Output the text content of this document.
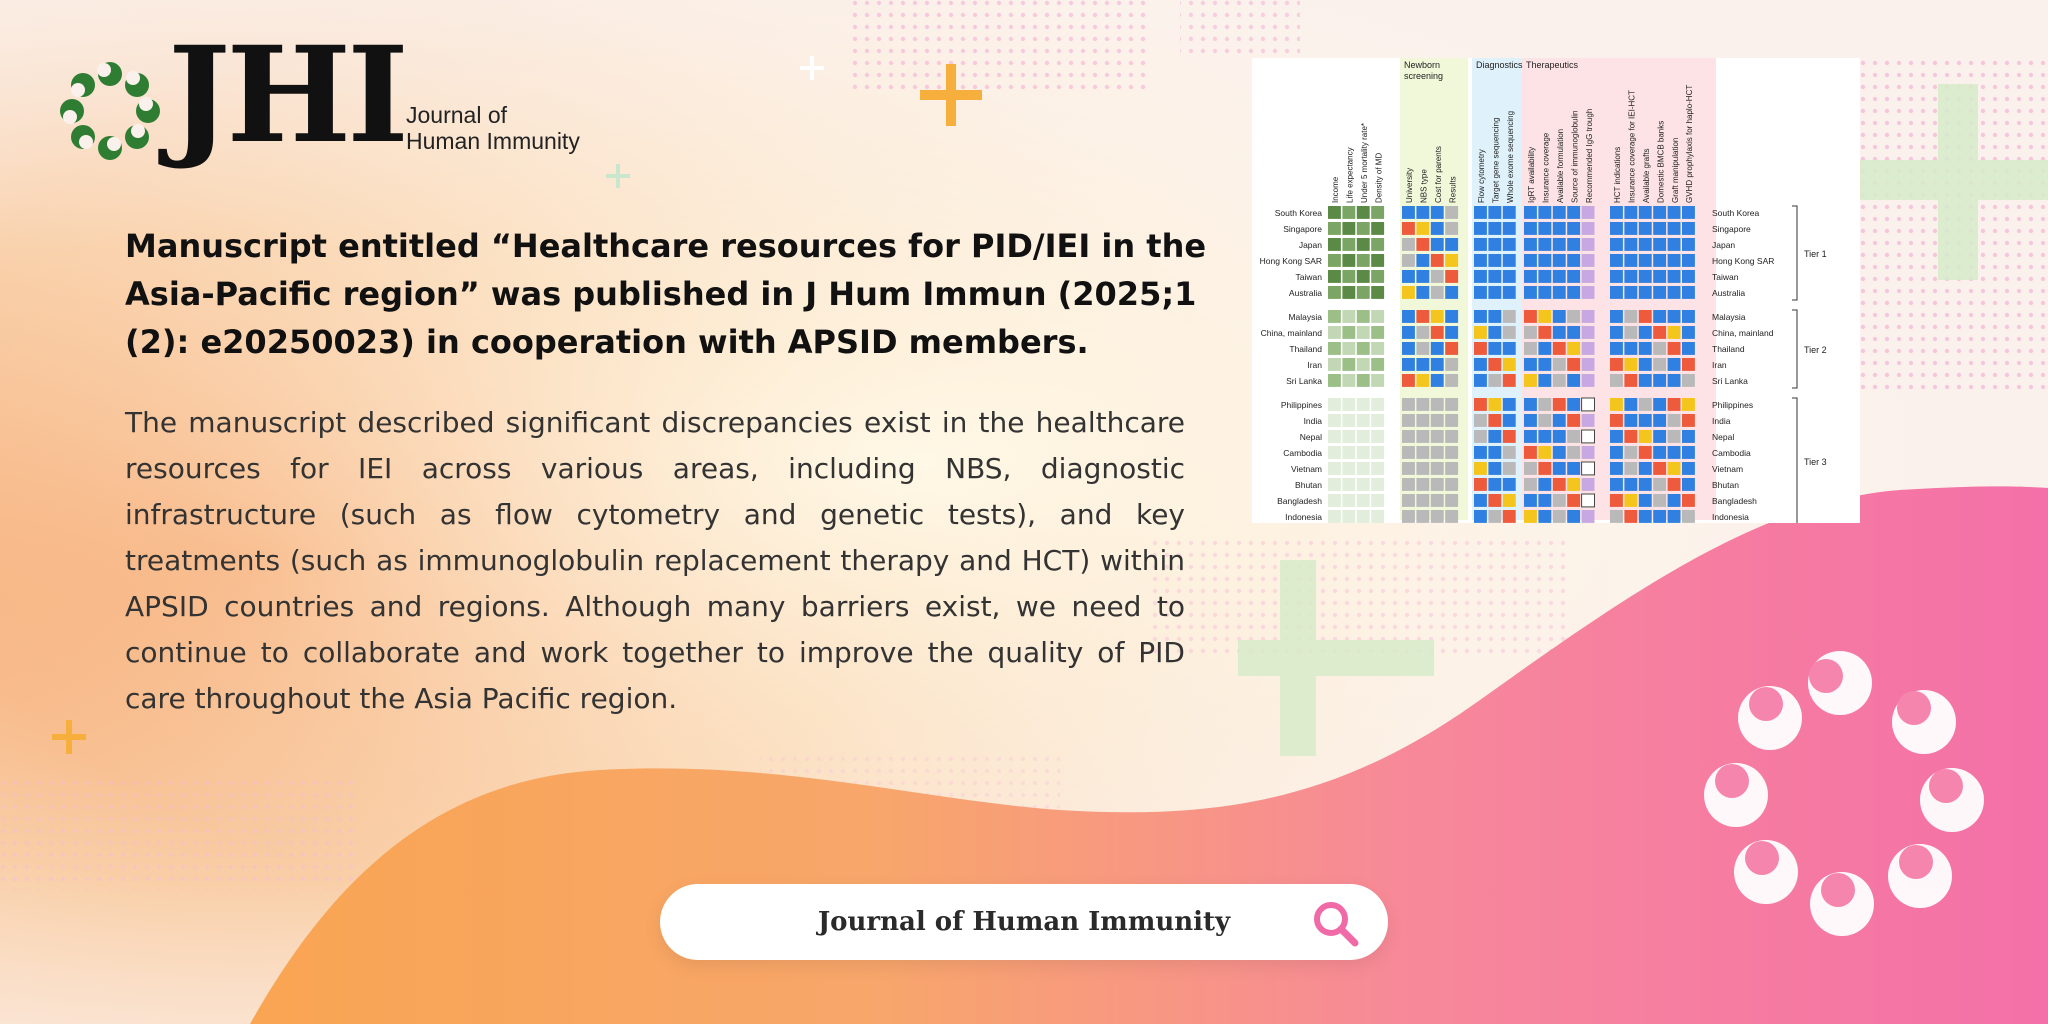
JHI Journal of
Human Immunity
Manuscript entitled “Healthcare resources for PID/IEI in the Asia-Pacific region” was published in J Hum Immun (2025;1 (2): e20250023) in cooperation with APSID members.

The manuscript described significant discrepancies exist in the healthcare resources for IEI across various areas, including NBS, diagnostic infrastructure (such as flow cytometry and genetic tests), and key treatments (such as immunoglobulin replacement therapy and HCT) within APSID countries and regions. Although many barriers exist, we need to continue to collaborate and work together to improve the quality of PID care throughout the Asia Pacific region.

Newborn
screening
Diagnostics Therapeutics
Income Life expectancy Under 5 mortality rate* Density of MD	University NBS type Cost for parents Results Flow cytometry Target gene sequencing Whole exome sequencing IgRT availability Insurance coverage Available formulation Source of immunoglobulin Recommended IgG trough HCT indications Insurance coverage for IEI-HCT Available grafts Domestic BMCB banks Graft manipulation GVHD prophylaxis for haplo-HCT
South Korea	South Korea
Singapore	Singapore
Japan	Japan
Hong Kong SAR	Hong Kong SAR
Taiwan	Taiwan
Australia	Australia
Tier 1
Malaysia	Malaysia
China, mainland	China, mainland
Thailand	Thailand
Iran	Iran
Sri Lanka	Sri Lanka
Tier 2
Philippines	Philippines
India	India
Nepal	Nepal
Cambodia	Cambodia
Vietnam	Vietnam
Bhutan	Bhutan
Bangladesh	Bangladesh
Indonesia	Indonesia
Tier 3
Journal of Human Immunity
